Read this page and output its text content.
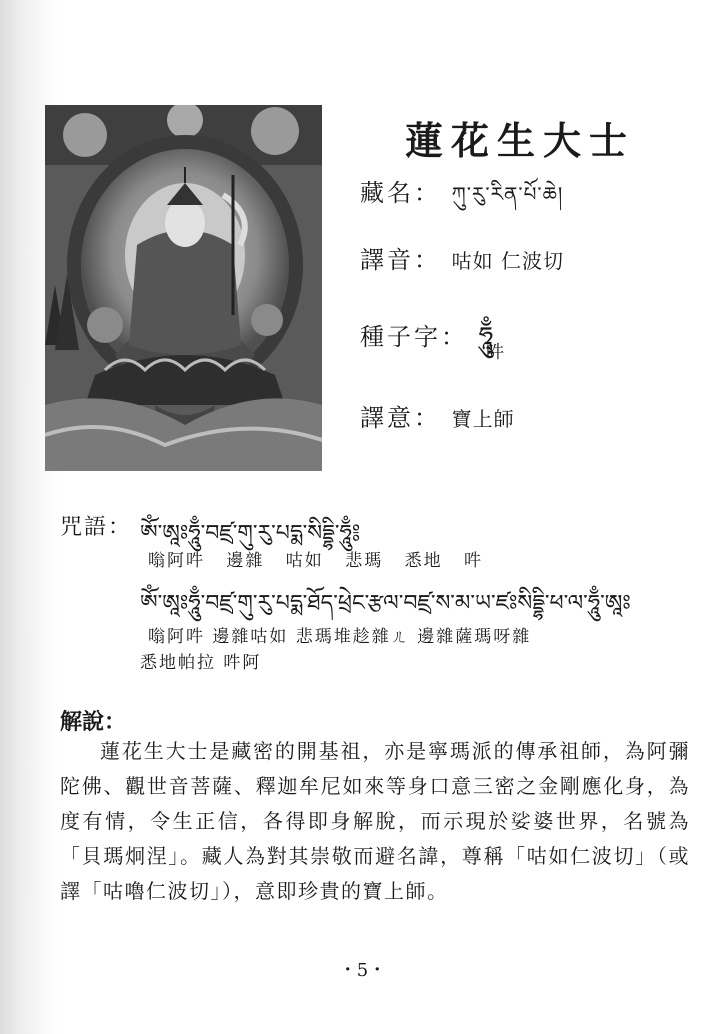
蓮花生大士
藏名： ཀུ་རུ་རིན་པོ་ཆེ།
譯音： 咕如 仁波切
種子字： ཧཱུྃ
吽
譯意： 寶上師
咒語： ཨོཾ་ཨཱཿཧཱུྃ་བཛྲ་གུ་རུ་པདྨ་སིདྡྷི་ཧཱུྃ༔
嗡阿吽 邊雜 咕如 悲瑪 悉地 吽
ཨོཾ་ཨཱཿཧཱུྃ་བཛྲ་གུ་རུ་པདྨ་ཐོད་ཕྲེང་རྩལ་བཛྲ་ས་མ་ཡ་ཛཿསིདྡྷི་ཕ་ལ་ཧཱུྃ་ཨཱཿ
嗡阿吽 邊雜咕如 悲瑪堆趁雜ㄦ 邊雜薩瑪呀雜
悉地帕拉 吽阿
解說：
蓮花生大士是藏密的開基祖，亦是寧瑪派的傳承祖師，為阿彌陀佛、觀世音菩薩、釋迦牟尼如來等身口意三密之金剛應化身，為度有情，令生正信，各得即身解脫，而示現於娑婆世界，名號為「貝瑪炯涅」。藏人為對其崇敬而避名諱，尊稱「咕如仁波切」（或譯「咕嚕仁波切」），意即珍貴的寶上師。
・5・
